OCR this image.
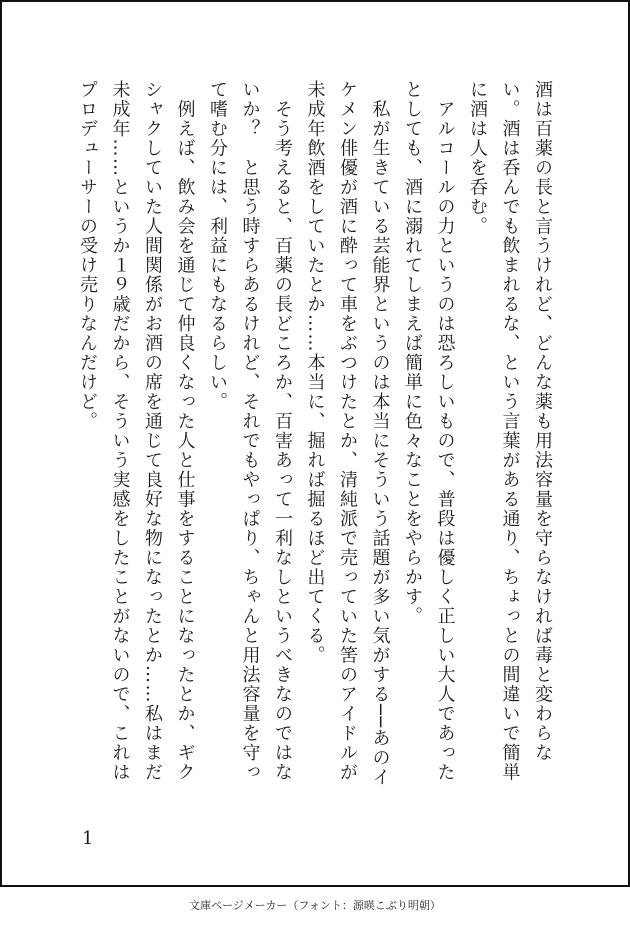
酒は百薬の長と言うけれど、どんな薬も用法容量を守らなければ毒と変わらない。酒は呑んでも飲まれるな、という言葉がある通り、ちょっとの間違いで簡単に酒は人を呑む。

　アルコールの力というのは恐ろしいもので、普段は優しく正しい大人であったとしても、酒に溺れてしまえば簡単に色々なことをやらかす。

　私が生きている芸能界というのは本当にそういう話題が多い気がする──あのイケメン俳優が酒に酔って車をぶつけたとか、清純派で売っていた筈のアイドルが未成年飲酒をしていたとか……本当に、掘れば掘るほど出てくる。

　そう考えると、百薬の長どころか、百害あって一利なしというべきなのではないか？　と思う時すらあるけれど、それでもやっぱり、ちゃんと用法容量を守って嗜む分には、利益にもなるらしい。

　例えば、飲み会を通じて仲良くなった人と仕事をすることになったとか、ギクシャクしていた人間関係がお酒の席を通じて良好な物になったとか……私はまだ未成年……というか１９歳だから、そういう実感をしたことがないので、これはプロデューサーの受け売りなんだけど。

1
文庫ページメーカー（フォント：源暎こぶり明朝）
